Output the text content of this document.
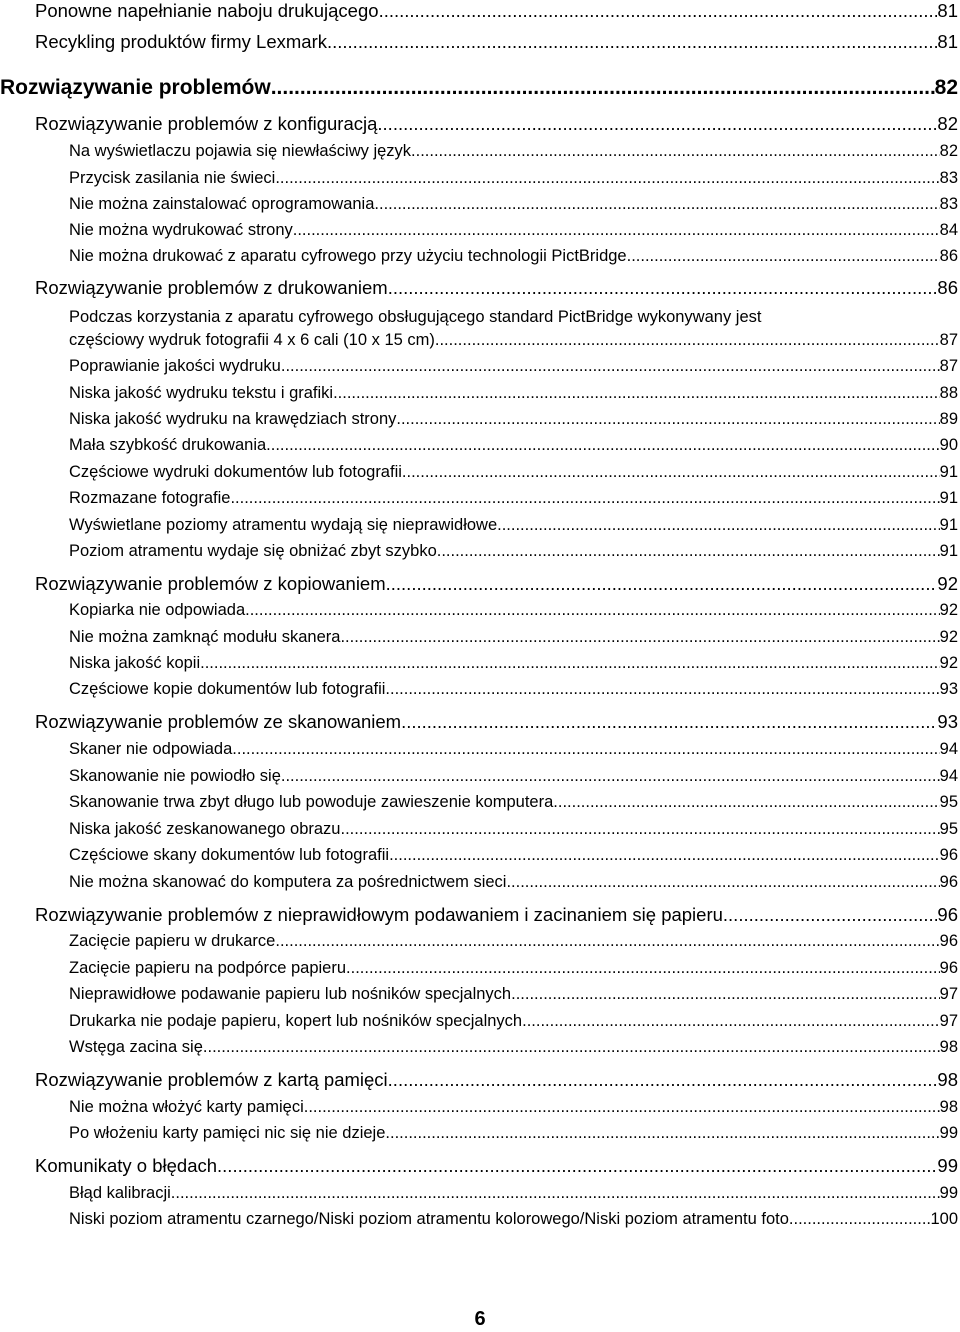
Ponowne napełnianie naboju drukującego .....	81
Recykling produktów firmy Lexmark .....	81
Rozwiązywanie problemów .....	82
Rozwiązywanie problemów z konfiguracją .....	82
Na wyświetlaczu pojawia się niewłaściwy język .....	82
Przycisk zasilania nie świeci .....	83
Nie można zainstalować oprogramowania .....	83
Nie można wydrukować strony .....	84
Nie można drukować z aparatu cyfrowego przy użyciu technologii PictBridge .....	86
Rozwiązywanie problemów z drukowaniem .....	86
Podczas korzystania z aparatu cyfrowego obsługującego standard PictBridge wykonywany jest
częściowy wydruk fotografii 4 x 6 cali (10 x 15 cm) .....	87
Poprawianie jakości wydruku .....	87
Niska jakość wydruku tekstu i grafiki .....	88
Niska jakość wydruku na krawędziach strony .....	89
Mała szybkość drukowania .....	90
Częściowe wydruki dokumentów lub fotografii .....	91
Rozmazane fotografie .....	91
Wyświetlane poziomy atramentu wydają się nieprawidłowe .....	91
Poziom atramentu wydaje się obniżać zbyt szybko. .....	91
Rozwiązywanie problemów z kopiowaniem .....	92
Kopiarka nie odpowiada .....	92
Nie można zamknąć modułu skanera .....	92
Niska jakość kopii .....	92
Częściowe kopie dokumentów lub fotografii .....	93
Rozwiązywanie problemów ze skanowaniem .....	93
Skaner nie odpowiada .....	94
Skanowanie nie powiodło się .....	94
Skanowanie trwa zbyt długo lub powoduje zawieszenie komputera .....	95
Niska jakość zeskanowanego obrazu .....	95
Częściowe skany dokumentów lub fotografii .....	96
Nie można skanować do komputera za pośrednictwem sieci .....	96
Rozwiązywanie problemów z nieprawidłowym podawaniem i zacinaniem się papieru .....	96
Zacięcie papieru w drukarce .....	96
Zacięcie papieru na podpórce papieru .....	96
Nieprawidłowe podawanie papieru lub nośników specjalnych .....	97
Drukarka nie podaje papieru, kopert lub nośników specjalnych .....	97
Wstęga zacina się .....	98
Rozwiązywanie problemów z kartą pamięci .....	98
Nie można włożyć karty pamięci .....	98
Po włożeniu karty pamięci nic się nie dzieje .....	99
Komunikaty o błędach .....	99
Błąd kalibracji .....	99
Niski poziom atramentu czarnego/Niski poziom atramentu kolorowego/Niski poziom atramentu foto .....	100
6
